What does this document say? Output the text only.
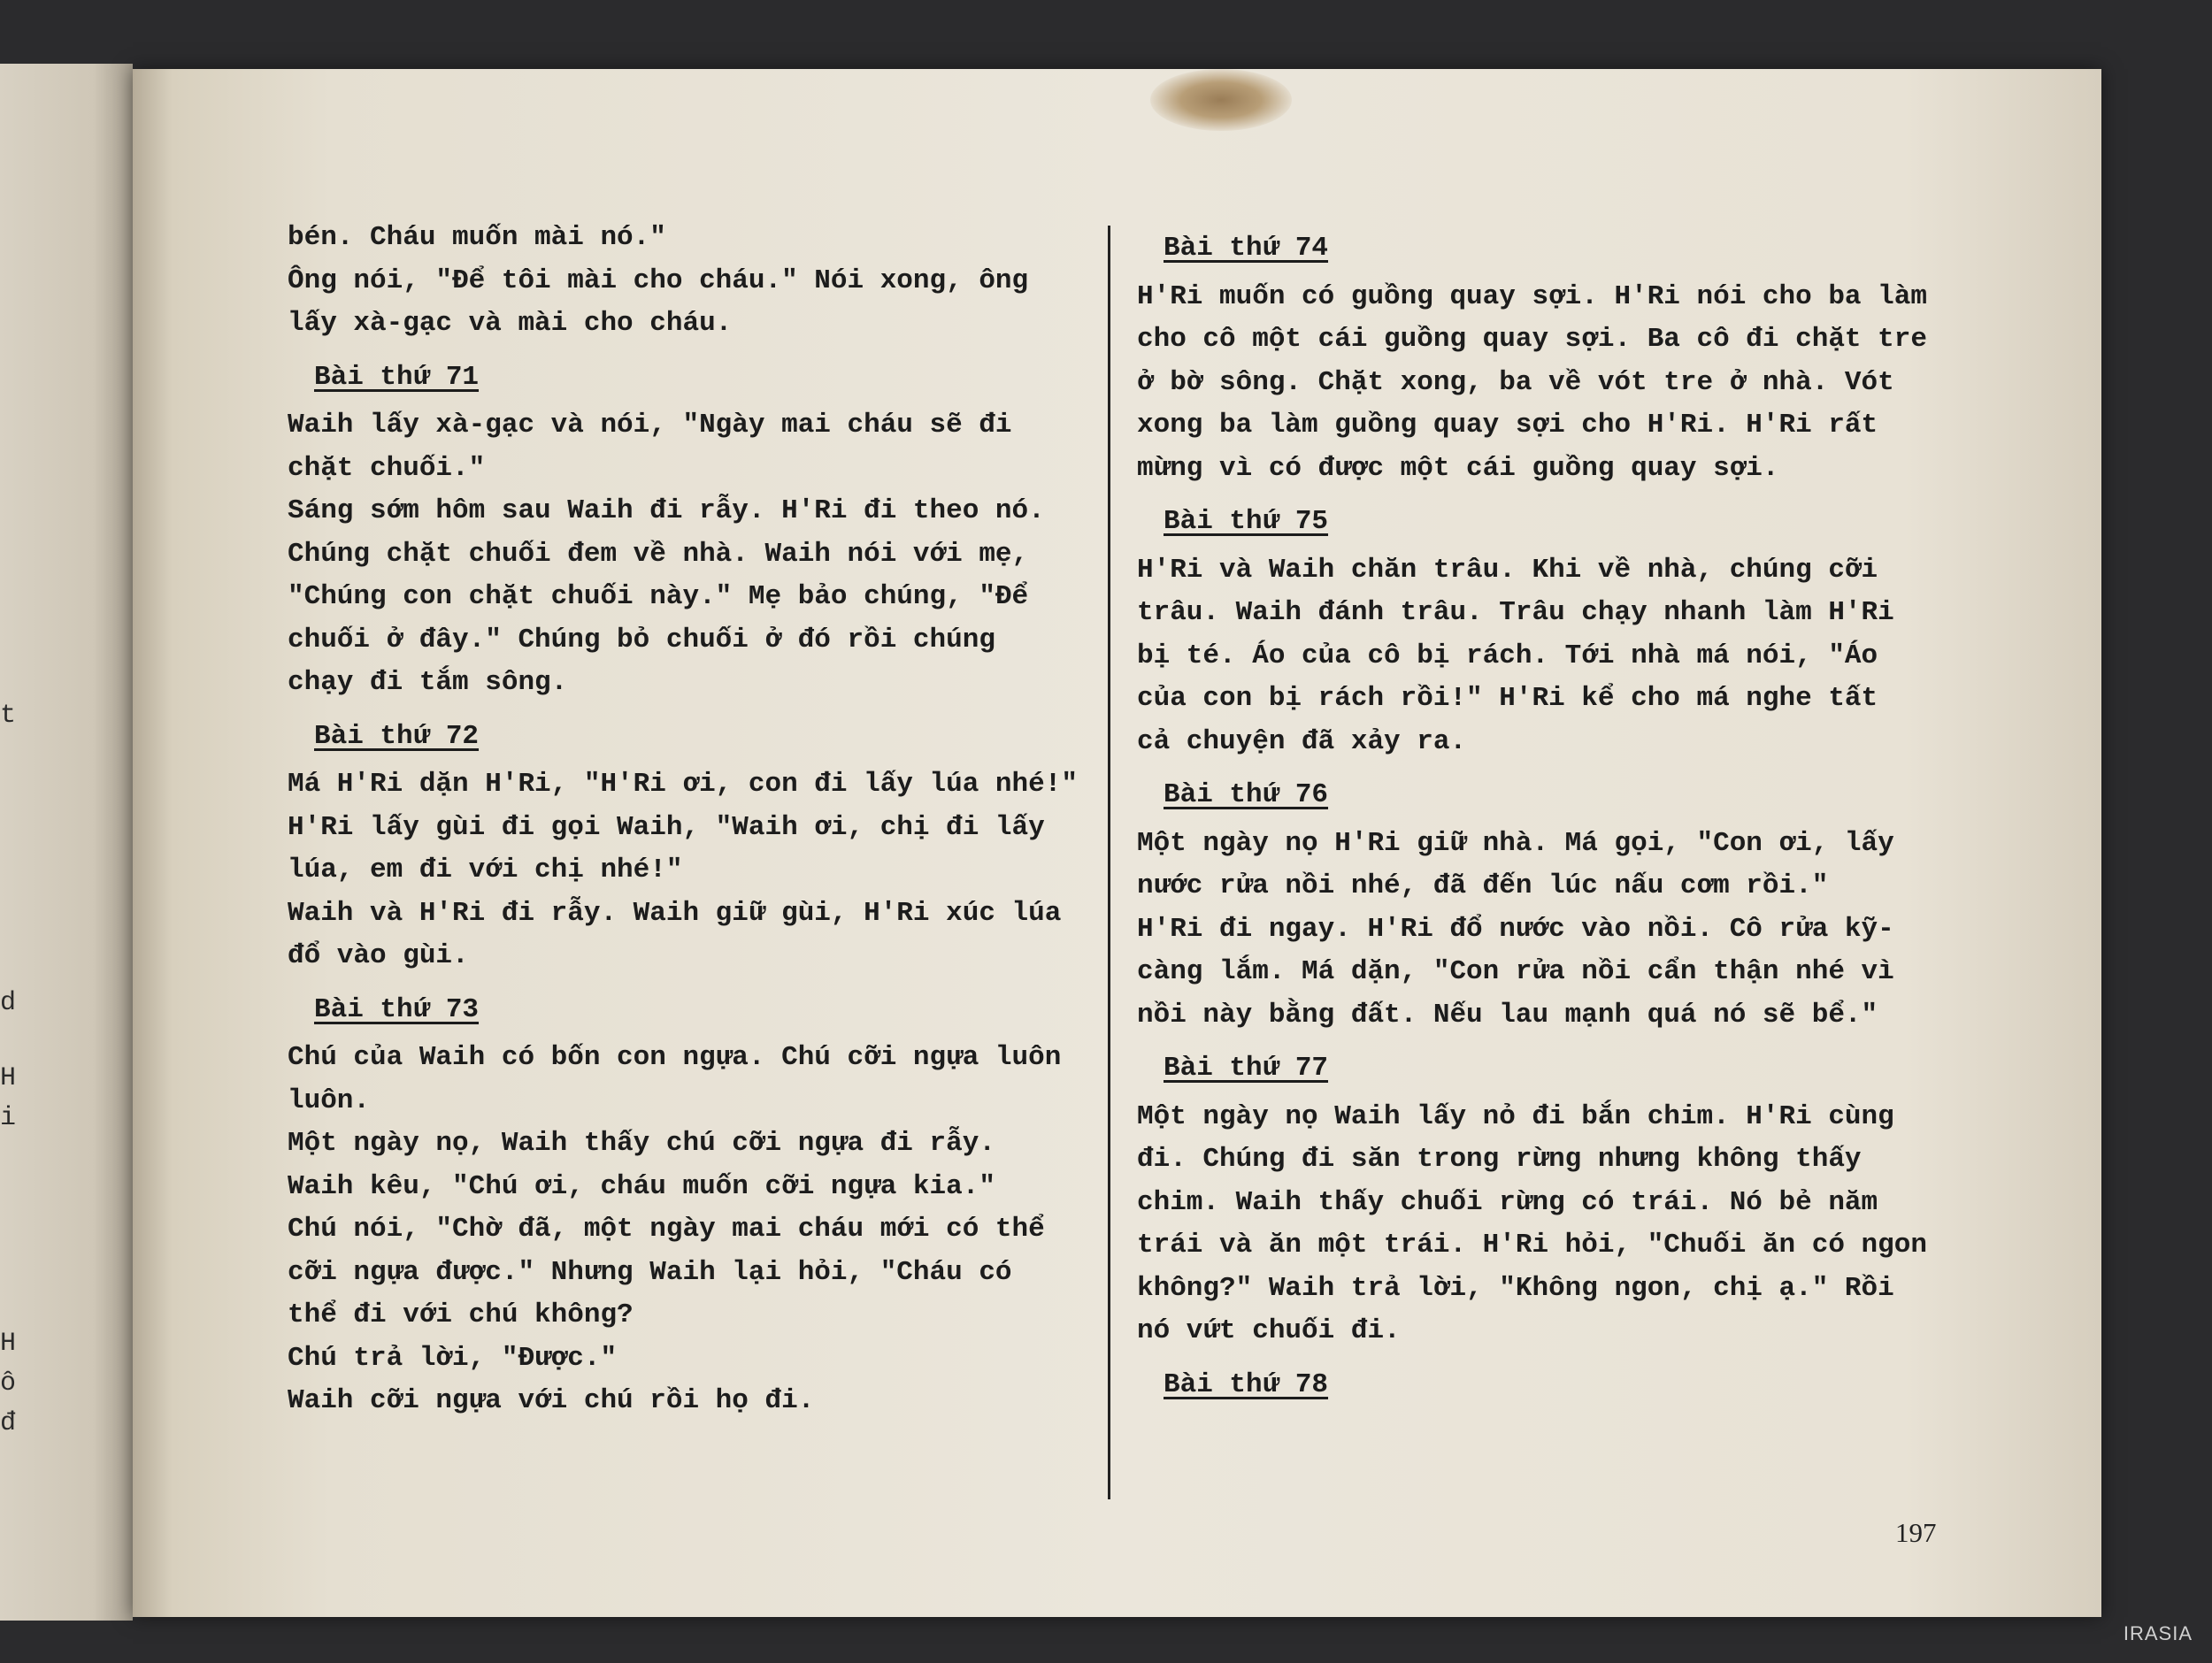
t
d
H
i
H
ô
đ
bén. Cháu muốn mài nó."
Ông nói, "Để tôi mài cho cháu." Nói xong, ông
lấy xà-gạc và mài cho cháu.
Bài thứ 71
Waih lấy xà-gạc và nói, "Ngày mai cháu sẽ đi
chặt chuối."
Sáng sớm hôm sau Waih đi rẫy. H'Ri đi theo nó.
Chúng chặt chuối đem về nhà. Waih nói với mẹ,
"Chúng con chặt chuối này." Mẹ bảo chúng, "Để
chuối ở đây." Chúng bỏ chuối ở đó rồi chúng
chạy đi tắm sông.
Bài thứ 72
Má H'Ri dặn H'Ri, "H'Ri ơi, con đi lấy lúa nhé!"
H'Ri lấy gùi đi gọi Waih, "Waih ơi, chị đi lấy
lúa, em đi với chị nhé!"
Waih và H'Ri đi rẫy. Waih giữ gùi, H'Ri xúc lúa
đổ vào gùi.
Bài thứ 73
Chú của Waih có bốn con ngựa. Chú cỡi ngựa luôn
luôn.
Một ngày nọ, Waih thấy chú cỡi ngựa đi rẫy.
Waih kêu, "Chú ơi, cháu muốn cỡi ngựa kia."
Chú nói, "Chờ đã, một ngày mai cháu mới có thể
cỡi ngựa được." Nhưng Waih lại hỏi, "Cháu có
thể đi với chú không?
Chú trả lời, "Được."
Waih cỡi ngựa với chú rồi họ đi.
Bài thứ 74
H'Ri muốn có guồng quay sợi. H'Ri nói cho ba làm
cho cô một cái guồng quay sợi. Ba cô đi chặt tre
ở bờ sông. Chặt xong, ba về vót tre ở nhà. Vót
xong ba làm guồng quay sợi cho H'Ri. H'Ri rất
mừng vì có được một cái guồng quay sợi.
Bài thứ 75
H'Ri và Waih chăn trâu. Khi về nhà, chúng cỡi
trâu. Waih đánh trâu. Trâu chạy nhanh làm H'Ri
bị té. Áo của cô bị rách. Tới nhà má nói, "Áo
của con bị rách rồi!" H'Ri kể cho má nghe tất
cả chuyện đã xảy ra.
Bài thứ 76
Một ngày nọ H'Ri giữ nhà. Má gọi, "Con ơi, lấy
nước rửa nồi nhé, đã đến lúc nấu cơm rồi."
H'Ri đi ngay. H'Ri đổ nước vào nồi. Cô rửa kỹ-
càng lắm. Má dặn, "Con rửa nồi cẩn thận nhé vì
nồi này bằng đất. Nếu lau mạnh quá nó sẽ bể."
Bài thứ 77
Một ngày nọ Waih lấy nỏ đi bắn chim. H'Ri cùng
đi. Chúng đi săn trong rừng nhưng không thấy
chim. Waih thấy chuối rừng có trái. Nó bẻ năm
trái và ăn một trái. H'Ri hỏi, "Chuối ăn có ngon
không?" Waih trả lời, "Không ngon, chị ạ." Rồi
nó vứt chuối đi.
Bài thứ 78
197
IRASIA
